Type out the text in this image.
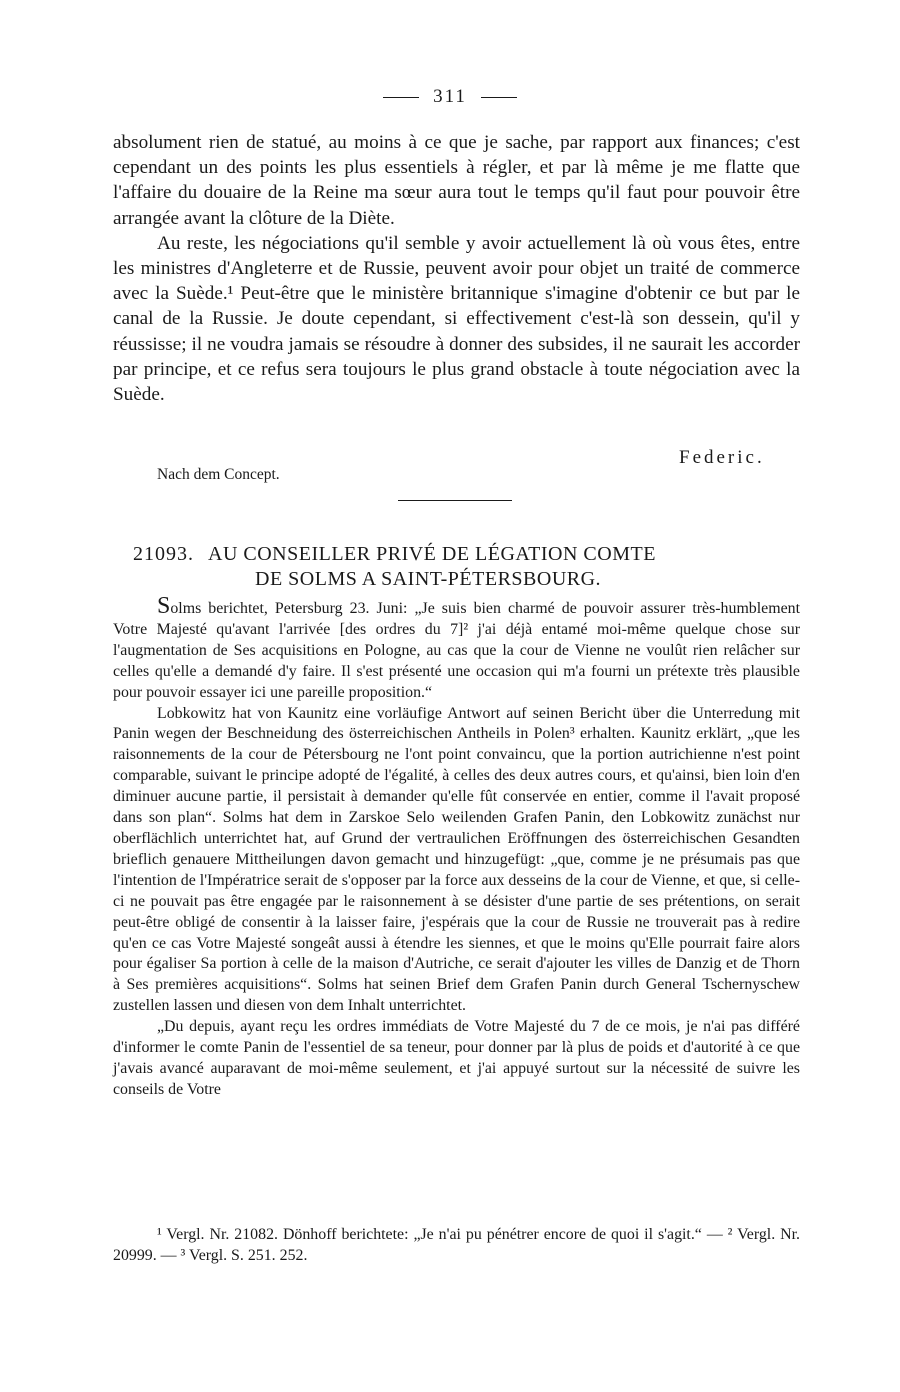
311

absolument rien de statué, au moins à ce que je sache, par rapport aux finances; c'est cependant un des points les plus essentiels à régler, et par là même je me flatte que l'affaire du douaire de la Reine ma sœur aura tout le temps qu'il faut pour pouvoir être arrangée avant la clôture de la Diète.

Au reste, les négociations qu'il semble y avoir actuellement là où vous êtes, entre les ministres d'Angleterre et de Russie, peuvent avoir pour objet un traité de commerce avec la Suède.¹ Peut-être que le ministère britannique s'imagine d'obtenir ce but par le canal de la Russie. Je doute cependant, si effectivement c'est-là son dessein, qu'il y réussisse; il ne voudra jamais se résoudre à donner des subsides, il ne saurait les accorder par principe, et ce refus sera toujours le plus grand obstacle à toute négociation avec la Suède.

Federic.
Nach dem Concept.
21093. AU CONSEILLER PRIVÉ DE LÉGATION COMTE
DE SOLMS A SAINT-PÉTERSBOURG.

Solms berichtet, Petersburg 23. Juni: „Je suis bien charmé de pouvoir assurer très-humblement Votre Majesté qu'avant l'arrivée [des ordres du 7]² j'ai déjà entamé moi-même quelque chose sur l'augmentation de Ses acquisitions en Pologne, au cas que la cour de Vienne ne voulût rien relâcher sur celles qu'elle a demandé d'y faire. Il s'est présenté une occasion qui m'a fourni un prétexte très plausible pour pouvoir essayer ici une pareille proposition.“

Lobkowitz hat von Kaunitz eine vorläufige Antwort auf seinen Bericht über die Unterredung mit Panin wegen der Beschneidung des österreichischen Antheils in Polen³ erhalten. Kaunitz erklärt, „que les raisonnements de la cour de Pétersbourg ne l'ont point convaincu, que la portion autrichienne n'est point comparable, suivant le principe adopté de l'égalité, à celles des deux autres cours, et qu'ainsi, bien loin d'en diminuer aucune partie, il persistait à demander qu'elle fût conservée en entier, comme il l'avait proposé dans son plan“. Solms hat dem in Zarskoe Selo weilenden Grafen Panin, den Lobkowitz zunächst nur oberflächlich unterrichtet hat, auf Grund der vertraulichen Eröffnungen des österreichischen Gesandten brieflich genauere Mittheilungen davon gemacht und hinzugefügt: „que, comme je ne présumais pas que l'intention de l'Impératrice serait de s'opposer par la force aux desseins de la cour de Vienne, et que, si celle-ci ne pouvait pas être engagée par le raisonnement à se désister d'une partie de ses prétentions, on serait peut-être obligé de consentir à la laisser faire, j'espérais que la cour de Russie ne trouverait pas à redire qu'en ce cas Votre Majesté songeât aussi à étendre les siennes, et que le moins qu'Elle pourrait faire alors pour égaliser Sa portion à celle de la maison d'Autriche, ce serait d'ajouter les villes de Danzig et de Thorn à Ses premières acquisitions“. Solms hat seinen Brief dem Grafen Panin durch General Tschernyschew zustellen lassen und diesen von dem Inhalt unterrichtet.

„Du depuis, ayant reçu les ordres immédiats de Votre Majesté du 7 de ce mois, je n'ai pas différé d'informer le comte Panin de l'essentiel de sa teneur, pour donner par là plus de poids et d'autorité à ce que j'avais avancé auparavant de moi-même seulement, et j'ai appuyé surtout sur la nécessité de suivre les conseils de Votre

¹ Vergl. Nr. 21082. Dönhoff berichtete: „Je n'ai pu pénétrer encore de quoi il s'agit.“ — ² Vergl. Nr. 20999. — ³ Vergl. S. 251. 252.
